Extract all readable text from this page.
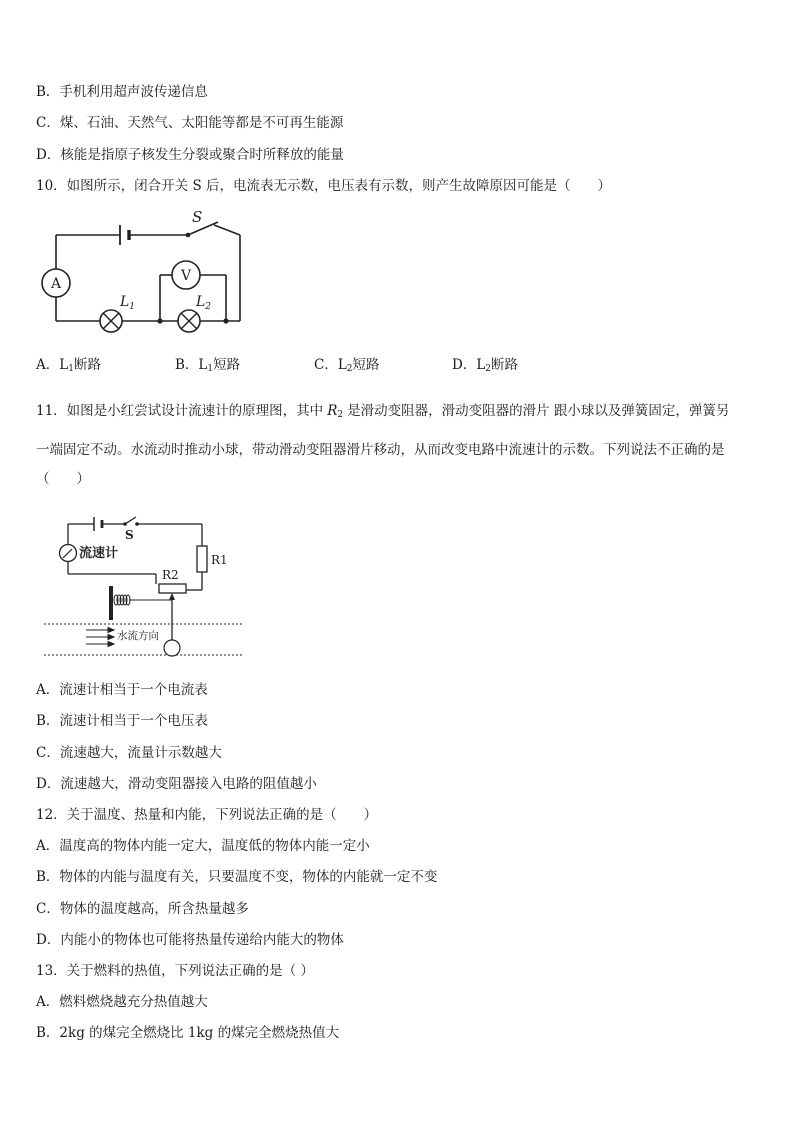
B．手机利用超声波传递信息
C．煤、石油、天然气、太阳能等都是不可再生能源
D．核能是指原子核发生分裂或聚合时所释放的能量
10．如图所示，闭合开关 S 后，电流表无示数，电压表有示数，则产生故障原因可能是（　　）
S
A	V
$L_1$	$L_2$
A．$L_1$断路	B．$L_1$短路	C．$L_2$短路	D．$L_2$断路
11．如图是小红尝试设计流速计的原理图，其中 $R_2$ 是滑动变阻器，滑动变阻器的滑片 跟小球以及弹簧固定，弹簧另
一端固定不动。水流动时推动小球，带动滑动变阻器滑片移动，从而改变电路中流速计的示数。下列说法不正确的是
（　　）
S
流速计	R1
R2
水流方向
A．流速计相当于一个电流表
B．流速计相当于一个电压表
C．流速越大，流量计示数越大
D．流速越大，滑动变阻器接入电路的阻值越小
12．关于温度、热量和内能，下列说法正确的是（　　）
A．温度高的物体内能一定大，温度低的物体内能一定小
B．物体的内能与温度有关，只要温度不变，物体的内能就一定不变
C．物体的温度越高，所含热量越多
D．内能小的物体也可能将热量传递给内能大的物体
13．关于燃料的热值，下列说法正确的是（ ）
A．燃料燃烧越充分热值越大
B．2kg 的煤完全燃烧比 1kg 的煤完全燃烧热值大
